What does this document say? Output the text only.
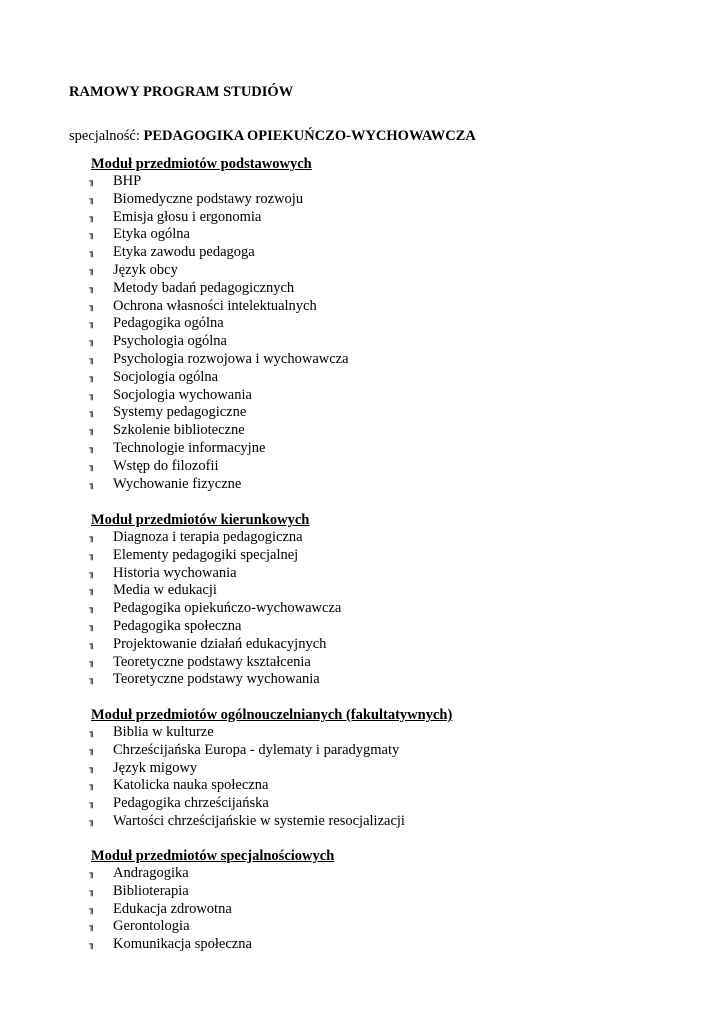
RAMOWY PROGRAM STUDIÓW
specjalność: PEDAGOGIKA OPIEKUŃCZO-WYCHOWAWCZA
Moduł przedmiotów podstawowych
╖ BHP
╖ Biomedyczne podstawy rozwoju
╖ Emisja głosu i ergonomia
╖ Etyka ogólna
╖ Etyka zawodu pedagoga
╖ Język obcy
╖ Metody badań pedagogicznych
╖ Ochrona własności intelektualnych
╖ Pedagogika ogólna
╖ Psychologia ogólna
╖ Psychologia rozwojowa i wychowawcza
╖ Socjologia ogólna
╖ Socjologia wychowania
╖ Systemy pedagogiczne
╖ Szkolenie biblioteczne
╖ Technologie informacyjne
╖ Wstęp do filozofii
╖ Wychowanie fizyczne
Moduł przedmiotów kierunkowych
╖ Diagnoza i terapia pedagogiczna
╖ Elementy pedagogiki specjalnej
╖ Historia wychowania
╖ Media w edukacji
╖ Pedagogika opiekuńczo-wychowawcza
╖ Pedagogika społeczna
╖ Projektowanie działań edukacyjnych
╖ Teoretyczne podstawy kształcenia
╖ Teoretyczne podstawy wychowania
Moduł przedmiotów ogólnouczelnianych (fakultatywnych)
╖ Biblia w kulturze
╖ Chrześcijańska Europa - dylematy i paradygmaty
╖ Język migowy
╖ Katolicka nauka społeczna
╖ Pedagogika chrześcijańska
╖ Wartości chrześcijańskie w systemie resocjalizacji
Moduł przedmiotów specjalnościowych
╖ Andragogika
╖ Biblioterapia
╖ Edukacja zdrowotna
╖ Gerontologia
╖ Komunikacja społeczna
